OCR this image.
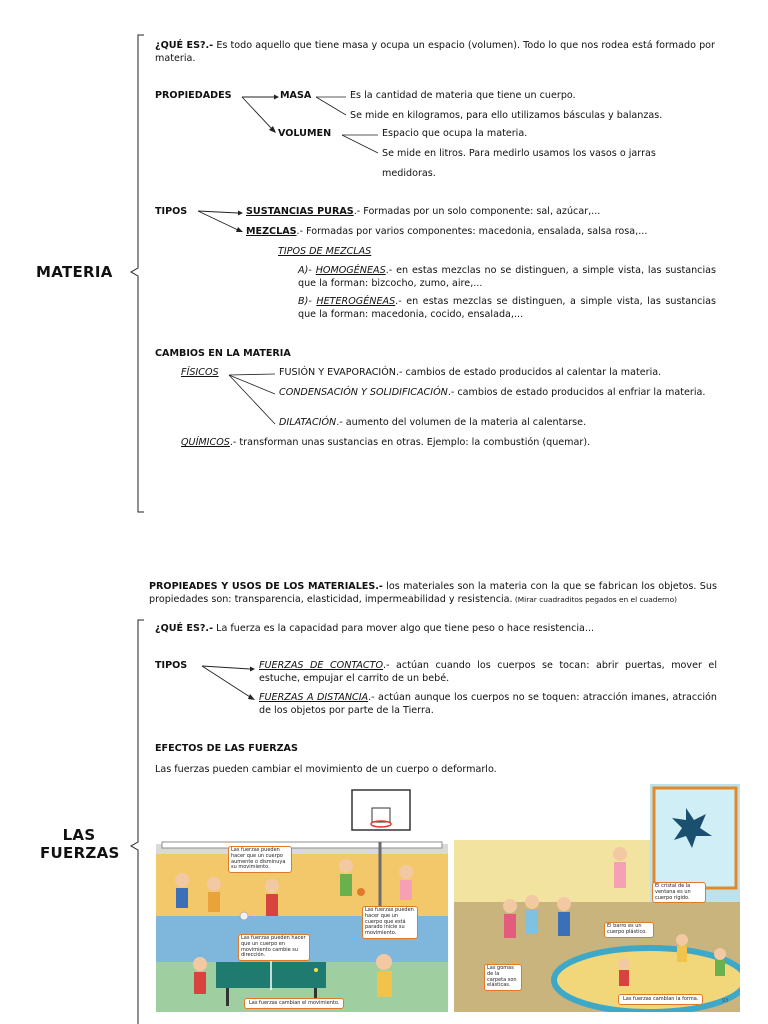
MATERIA
¿QUÉ ES?.- Es todo aquello que tiene masa y ocupa un espacio (volumen). Todo lo que nos rodea está formado por materia.
PROPIEDADES	MASA	Es la cantidad de materia que tiene un cuerpo.
Se mide en kilogramos, para ello utilizamos básculas y balanzas.
VOLUMEN	Espacio que ocupa la materia.
Se mide en litros. Para medirlo usamos los vasos o jarras
medidoras.
TIPOS	SUSTANCIAS PURAS.- Formadas por un solo componente: sal, azúcar,...
MEZCLAS.- Formadas por varios componentes: macedonia, ensalada, salsa rosa,...
TIPOS DE MEZCLAS
A)- HOMOGÉNEAS.- en estas mezclas no se distinguen, a simple vista, las sustancias que la forman: bizcocho, zumo, aire,...
B)- HETEROGÉNEAS.- en estas mezclas se distinguen, a simple vista, las sustancias que la forman: macedonia, cocido, ensalada,...
CAMBIOS EN LA MATERIA
FÍSICOS	FUSIÓN Y EVAPORACIÓN.- cambios de estado producidos al calentar la materia.
CONDENSACIÓN Y SOLIDIFICACIÓN.- cambios de estado producidos al enfriar la materia.
DILATACIÓN.- aumento del volumen de la materia al calentarse.
QUÍMICOS.- transforman unas sustancias en otras. Ejemplo: la combustión (quemar).
PROPIEADES Y USOS DE LOS MATERIALES.- los materiales son la materia con la que se fabrican los objetos. Sus propiedades son: transparencia, elasticidad, impermeabilidad y resistencia. (Mirar cuadraditos pegados en el cuaderno)
LAS
FUERZAS
¿QUÉ ES?.- La fuerza es la capacidad para mover algo que tiene peso o hace resistencia...
TIPOS	FUERZAS DE CONTACTO.- actúan cuando los cuerpos se tocan: abrir puertas, mover el estuche, empujar el carrito de un bebé.
FUERZAS A DISTANCIA.- actúan aunque los cuerpos no se toquen: atracción imanes, atracción de los objetos por parte de la Tierra.
EFECTOS DE LAS FUERZAS
Las fuerzas pueden cambiar el movimiento de un cuerpo o deformarlo.
Las fuerzas pueden hacer que un cuerpo aumente o disminuya su movimiento.
Las fuerzas pueden hacer que un cuerpo que está parado inicie su movimiento.
Las fuerzas pueden hacer que un cuerpo en movimiento cambie su dirección.
Las fuerzas cambian el movimiento.
El cristal de la ventana es un cuerpo rígido.
El barro es un cuerpo plástico.
Las gomas de la carpeta son elásticas.
Las fuerzas cambian la forma.	93
